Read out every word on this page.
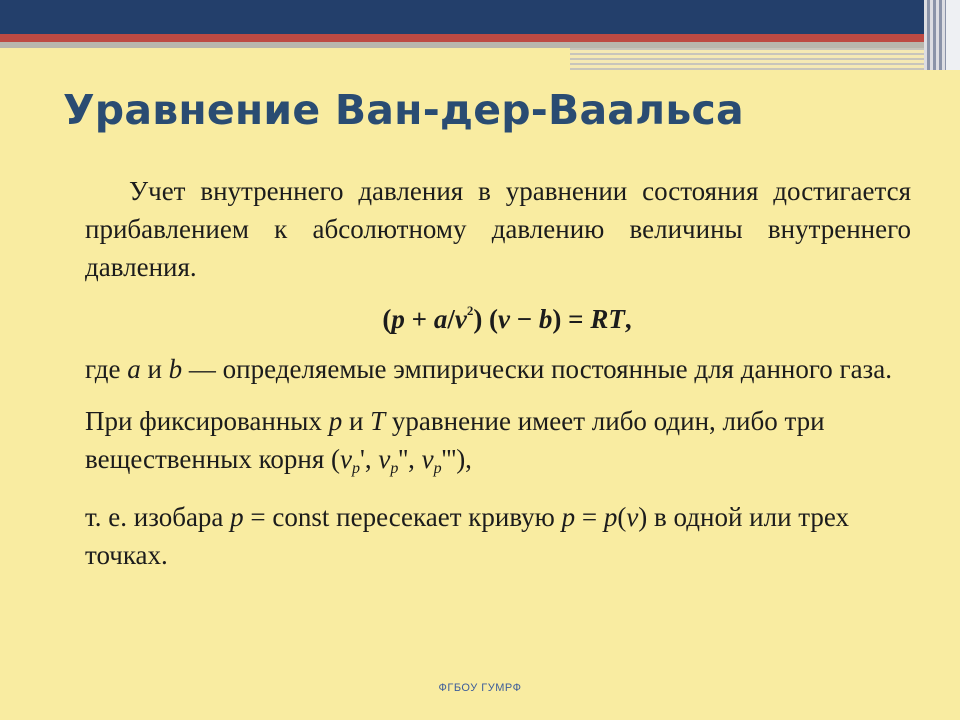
Уравнение Ван-дер-Ваальса

Учет внутреннего давления в уравнении состояния достигается прибавлением к абсолютному давлению величины внутреннего давления.

$(p + a/v^2)$ (v − b) = RT,

где a и b — определяемые эмпирически постоянные для данного газа.

При фиксированных p и T уравнение имеет либо один, либо три вещественных корня ($v_p'$, $v_p''$, $v_p'''$),

т. е. изобара p = const пересекает кривую p = p(v) в одной или трех точках.

ФГБОУ ГУМРФ
